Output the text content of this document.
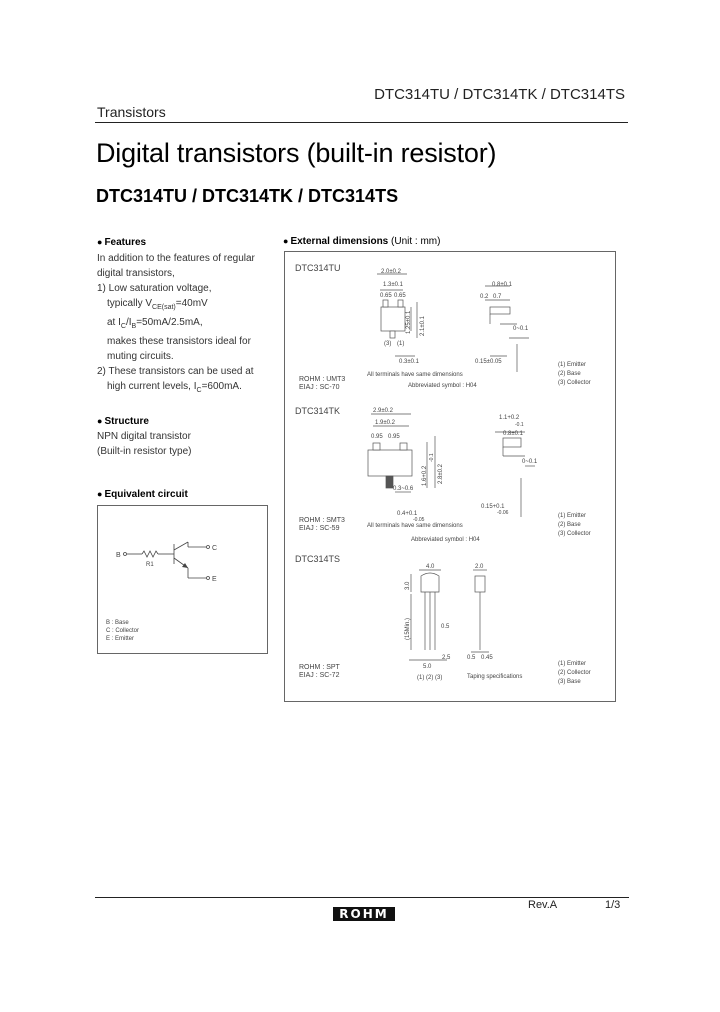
DTC314TU / DTC314TK / DTC314TS
Transistors
Digital transistors (built-in resistor)
DTC314TU / DTC314TK / DTC314TS
● Features
In addition to the features of regular
digital transistors,
1) Low saturation voltage,
typically $V_{CE(sat)}=40mV$
at $I_C/I_B=50mA/2.5mA$,
makes these transistors ideal for
muting circuits.
2) These transistors can be used at
high current levels, $I_C=600mA$.
● Structure
NPN digital transistor
(Built-in resistor type)
● Equivalent circuit
B
C
E
R1
B : Base
C : Collector
E : Emitter
● External dimensions (Unit : mm)
DTC314TU	2.0±0.2
1.3±0.1
0.65 0.65
0.8±0.1
0.2 0.7
1.25±0.1 2.1±0.1
0.3±0.1
(3) (1)
0.15±0.05
0~0.1
ROHM : UMT3
EIAJ : SC-70
All terminals have same dimensions
Abbreviated symbol : H04
(1) Emitter
(2) Base
(3) Collector
DTC314TK	2.9±0.2
1.9±0.2
0.95 0.95
1.1+0.2
-0.1
0.8±0.1
1.6+0.2
-0.1
2.8±0.2
0~0.1
0.4+0.1
-0.05
0.15+0.1
-0.06
0.3~0.6
ROHM : SMT3
EIAJ : SC-59	All terminals have same dimensions
Abbreviated symbol : H04
(1) Emitter
(2) Base
(3) Collector
DTC314TS
4.0	2.0
3.0
(15Min.)	0.5
0.45
2.5
5.0
0.5
(1) (2) (3)
ROHM : SPT
EIAJ : SC-72	Taping specifications
(1) Emitter
(2) Collector
(3) Base
Rev.A	1/3
ROHM
